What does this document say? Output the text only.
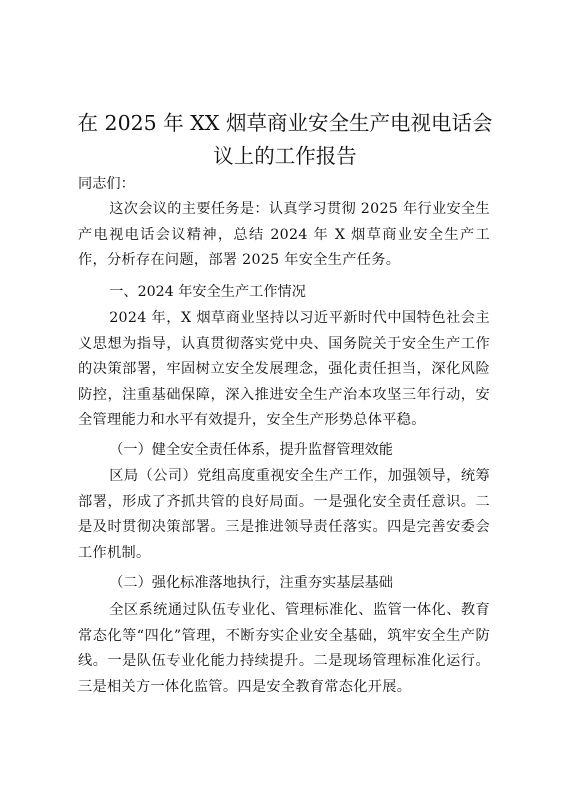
在 2025 年 XX 烟草商业安全生产电视电话会
议上的工作报告
同志们：
这次会议的主要任务是：认真学习贯彻 2025 年行业安全生产电视电话会议精神，总结 2024 年 X 烟草商业安全生产工作，分析存在问题，部署 2025 年安全生产任务。
一、2024 年安全生产工作情况
2024 年，X 烟草商业坚持以习近平新时代中国特色社会主义思想为指导，认真贯彻落实党中央、国务院关于安全生产工作的决策部署，牢固树立安全发展理念，强化责任担当，深化风险防控，注重基础保障，深入推进安全生产治本攻坚三年行动，安全管理能力和水平有效提升，安全生产形势总体平稳。
（一）健全安全责任体系，提升监督管理效能
区局（公司）党组高度重视安全生产工作，加强领导，统筹部署，形成了齐抓共管的良好局面。一是强化安全责任意识。二是及时贯彻决策部署。三是推进领导责任落实。四是完善安委会工作机制。
（二）强化标准落地执行，注重夯实基层基础
全区系统通过队伍专业化、管理标准化、监管一体化、教育常态化等“四化”管理，不断夯实企业安全基础，筑牢安全生产防线。一是队伍专业化能力持续提升。二是现场管理标准化运行。三是相关方一体化监管。四是安全教育常态化开展。
